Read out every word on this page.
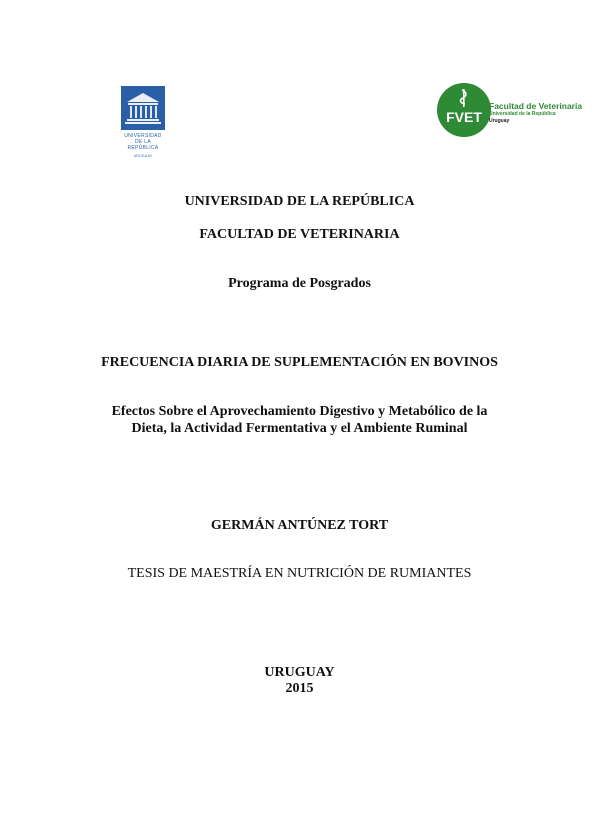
UNIVERSIDAD
DE LA REPÚBLICA
URUGUAY
FVET
Facultad de Veterinaria
Universidad de la República
Uruguay

UNIVERSIDAD DE LA REPÚBLICA

FACULTAD DE VETERINARIA

Programa de Posgrados

FRECUENCIA DIARIA DE SUPLEMENTACIÓN EN BOVINOS

Efectos Sobre el Aprovechamiento Digestivo y Metabólico de la
Dieta, la Actividad Fermentativa y el Ambiente Ruminal

GERMÁN ANTÚNEZ TORT

TESIS DE MAESTRÍA EN NUTRICIÓN DE RUMIANTES

URUGUAY

2015
